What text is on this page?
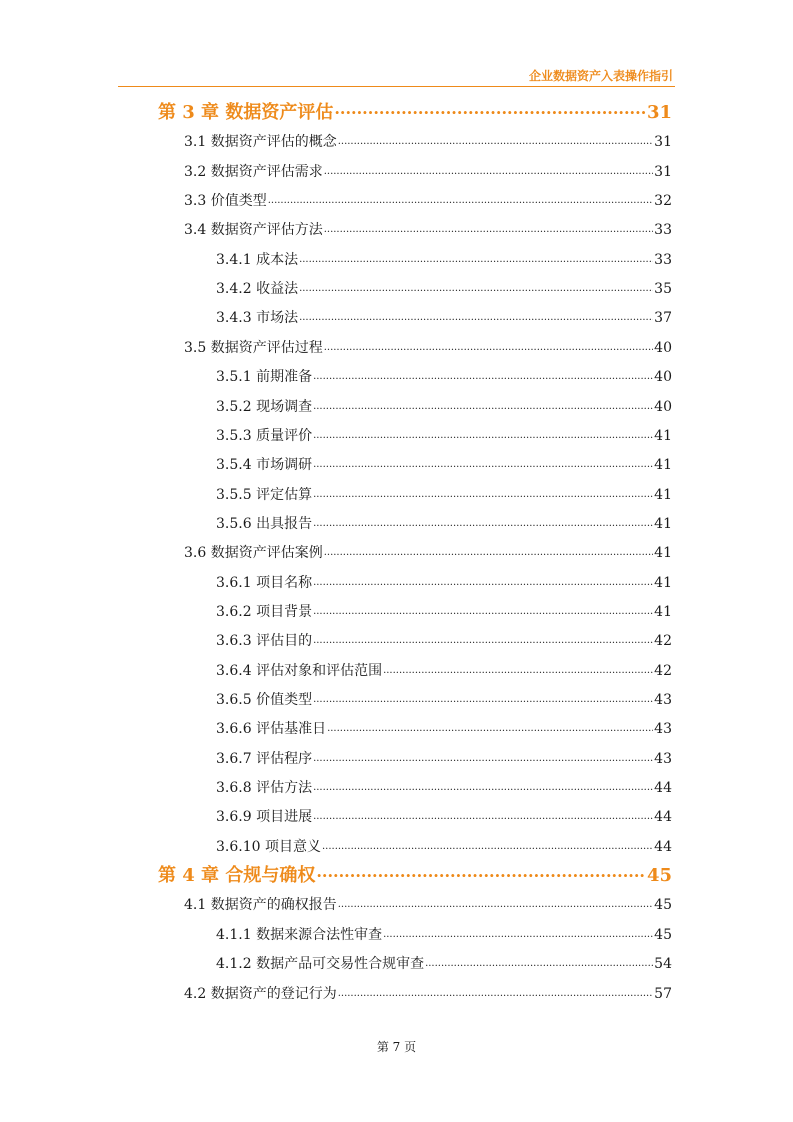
企业数据资产入表操作指引
第 3 章 数据资产评估 .....	31
3.1 数据资产评估的概念 .....	31
3.2 数据资产评估需求 .....	31
3.3 价值类型 .....	32
3.4 数据资产评估方法 .....	33
3.4.1 成本法 .....	33
3.4.2 收益法 .....	35
3.4.3 市场法 .....	37
3.5 数据资产评估过程 .....	40
3.5.1 前期准备 .....	40
3.5.2 现场调查 .....	40
3.5.3 质量评价 .....	41
3.5.4 市场调研 .....	41
3.5.5 评定估算 .....	41
3.5.6 出具报告 .....	41
3.6 数据资产评估案例 .....	41
3.6.1 项目名称 .....	41
3.6.2 项目背景 .....	41
3.6.3 评估目的 .....	42
3.6.4 评估对象和评估范围 .....	42
3.6.5 价值类型 .....	43
3.6.6 评估基准日 .....	43
3.6.7 评估程序 .....	43
3.6.8 评估方法 .....	44
3.6.9 项目进展 .....	44
3.6.10 项目意义 .....	44
第 4 章 合规与确权 .....	45
4.1 数据资产的确权报告 .....	45
4.1.1 数据来源合法性审查 .....	45
4.1.2 数据产品可交易性合规审查 .....	54
4.2 数据资产的登记行为 .....	57
第 7 页
